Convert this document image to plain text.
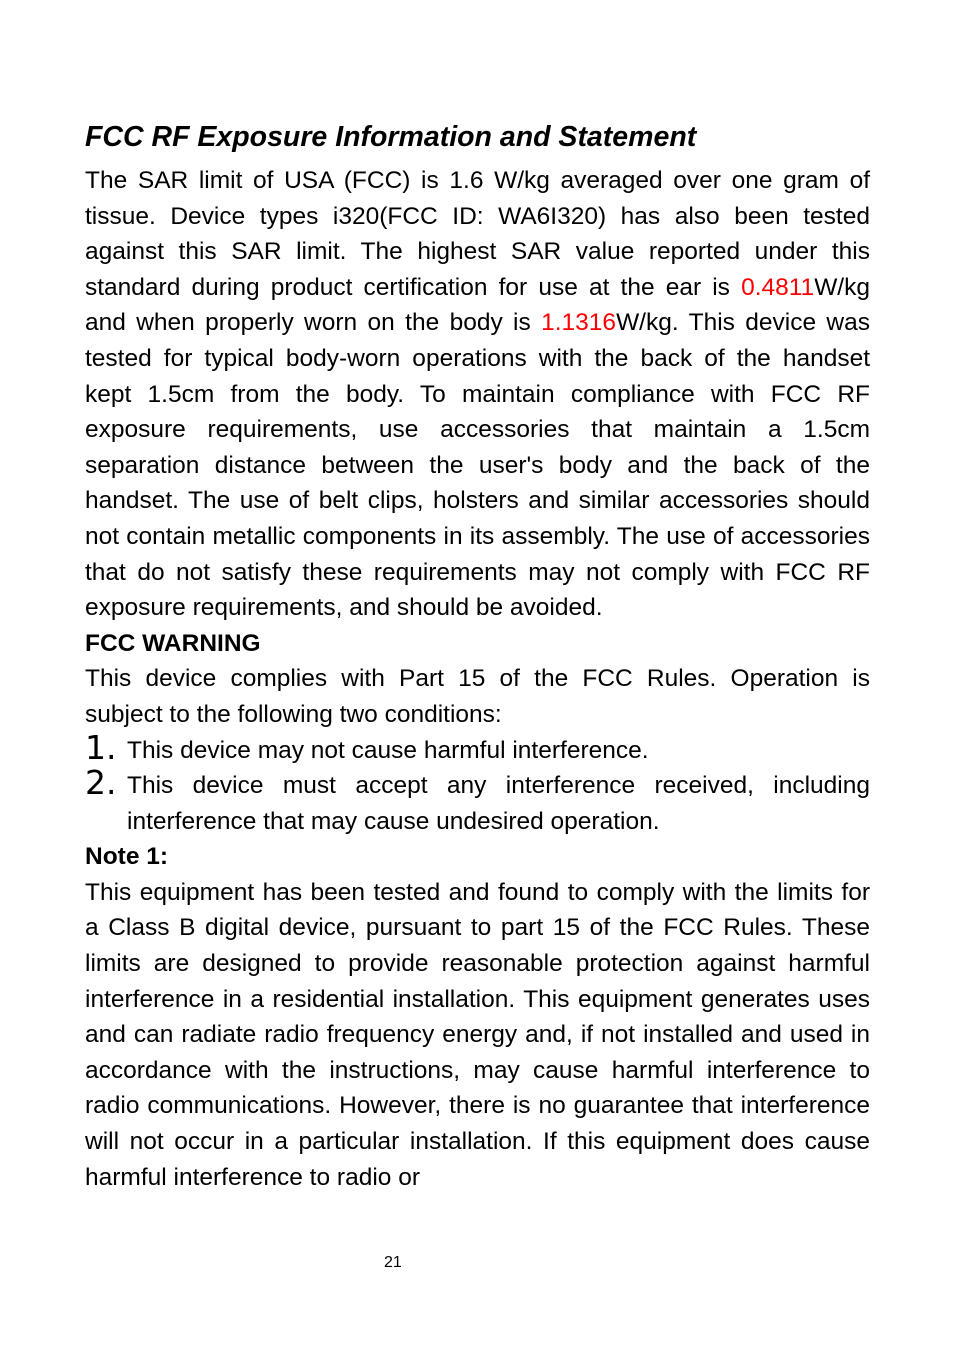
FCC RF Exposure Information and Statement

The SAR limit of USA (FCC) is 1.6 W/kg averaged over one gram of tissue. Device types i320(FCC ID: WA6I320) has also been tested against this SAR limit. The highest SAR value reported under this standard during product certification for use at the ear is 0.4811W/kg and when properly worn on the body is 1.1316W/kg. This device was tested for typical body-worn operations with the back of the handset kept 1.5cm from the body. To maintain compliance with FCC RF exposure requirements, use accessories that maintain a 1.5cm separation distance between the user's body and the back of the handset. The use of belt clips, holsters and similar accessories should not contain metallic components in its assembly. The use of accessories that do not satisfy these requirements may not comply with FCC RF exposure requirements, and should be avoided.

FCC WARNING

This device complies with Part 15 of the FCC Rules. Operation is subject to the following two conditions:

1. This device may not cause harmful interference.
2. This device must accept any interference received, including interference that may cause undesired operation.
Note 1:

This equipment has been tested and found to comply with the limits for a Class B digital device, pursuant to part 15 of the FCC Rules. These limits are designed to provide reasonable protection against harmful interference in a residential installation. This equipment generates uses and can radiate radio frequency energy and, if not installed and used in accordance with the instructions, may cause harmful interference to radio communications. However, there is no guarantee that interference will not occur in a particular installation. If this equipment does cause harmful interference to radio or

21
